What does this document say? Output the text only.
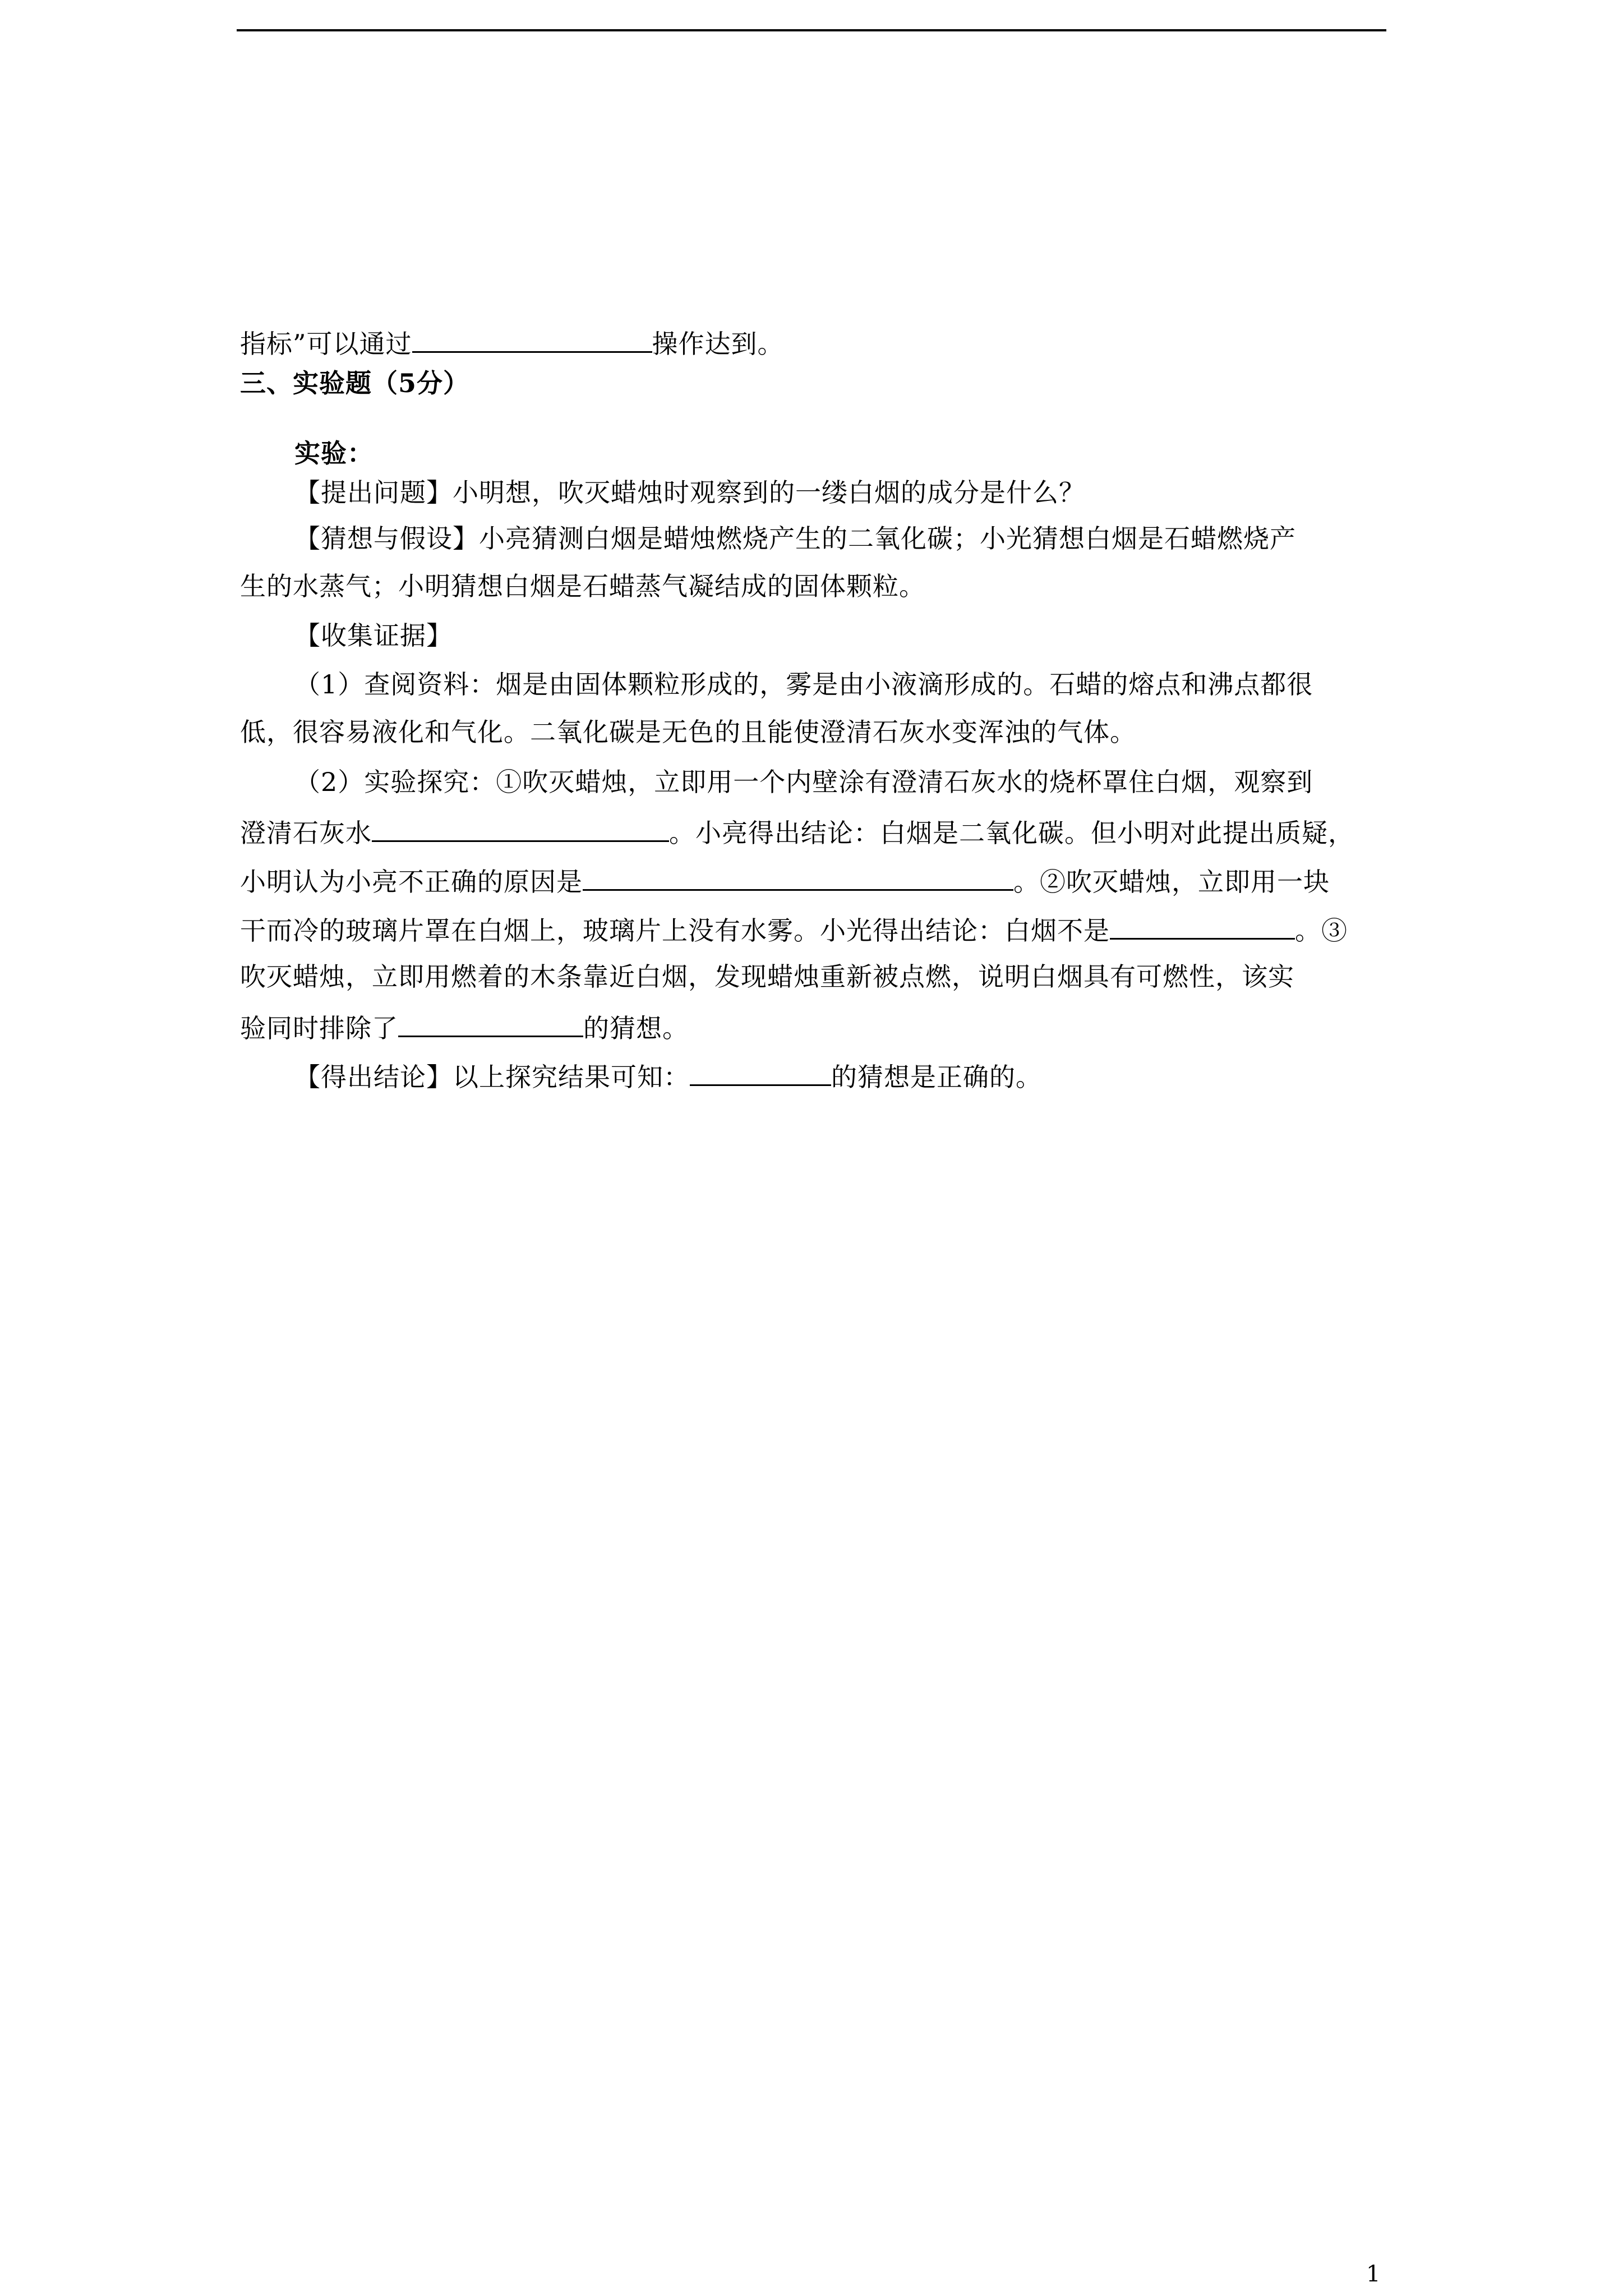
指标”可以通过	操作达到。
三、实验题（5分）
实验：
【提出问题】小明想，吹灭蜡烛时观察到的一缕白烟的成分是什么？
【猜想与假设】小亮猜测白烟是蜡烛燃烧产生的二氧化碳；小光猜想白烟是石蜡燃烧产
生的水蒸气；小明猜想白烟是石蜡蒸气凝结成的固体颗粒。
【收集证据】
（1）查阅资料：烟是由固体颗粒形成的，雾是由小液滴形成的。石蜡的熔点和沸点都很
低，很容易液化和气化。二氧化碳是无色的且能使澄清石灰水变浑浊的气体。
（2）实验探究：①吹灭蜡烛，立即用一个内壁涂有澄清石灰水的烧杯罩住白烟，观察到
澄清石灰水	。小亮得出结论：白烟是二氧化碳。但小明对此提出质疑，
小明认为小亮不正确的原因是	。②吹灭蜡烛，立即用一块
干而冷的玻璃片罩在白烟上，玻璃片上没有水雾。小光得出结论：白烟不是	。③
吹灭蜡烛，立即用燃着的木条靠近白烟，发现蜡烛重新被点燃，说明白烟具有可燃性，该实
验同时排除了	的猜想。
【得出结论】以上探究结果可知：	的猜想是正确的。
1
